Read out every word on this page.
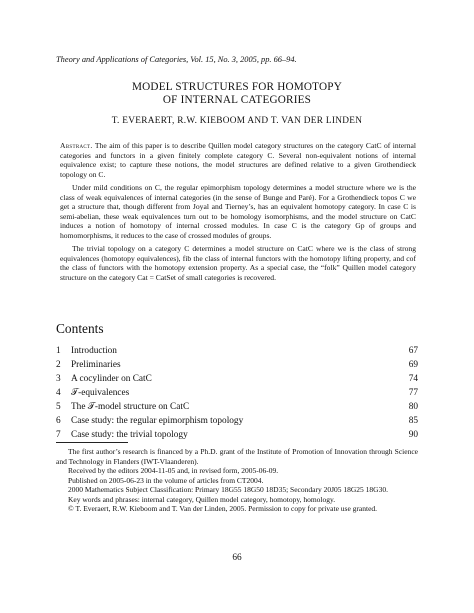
Theory and Applications of Categories, Vol. 15, No. 3, 2005, pp. 66–94.
MODEL STRUCTURES FOR HOMOTOPY
OF INTERNAL CATEGORIES
T. EVERAERT, R.W. KIEBOOM AND T. VAN DER LINDEN

Abstract. The aim of this paper is to describe Quillen model category structures on the category CatC of internal categories and functors in a given finitely complete category C. Several non-equivalent notions of internal equivalence exist; to capture these notions, the model structures are defined relative to a given Grothendieck topology on C.

Under mild conditions on C, the regular epimorphism topology determines a model structure where we is the class of weak equivalences of internal categories (in the sense of Bunge and Paré). For a Grothendieck topos C we get a structure that, though different from Joyal and Tierney’s, has an equivalent homotopy category. In case C is semi-abelian, these weak equivalences turn out to be homology isomorphisms, and the model structure on CatC induces a notion of homotopy of internal crossed modules. In case C is the category Gp of groups and homomorphisms, it reduces to the case of crossed modules of groups.

The trivial topology on a category C determines a model structure on CatC where we is the class of strong equivalences (homotopy equivalences), fib the class of internal functors with the homotopy lifting property, and cof the class of functors with the homotopy extension property. As a special case, the “folk” Quillen model category structure on the category Cat = CatSet of small categories is recovered.

Contents
1 Introduction	67
2 Preliminaries	69
3 A cocylinder on CatC	74
4 𝒯-equivalences	77
5 The 𝒯-model structure on CatC	80
6 Case study: the regular epimorphism topology	85
7 Case study: the trivial topology	90

The first author’s research is financed by a Ph.D. grant of the Institute of Promotion of Innovation through Science and Technology in Flanders (IWT-Vlaanderen).

Received by the editors 2004-11-05 and, in revised form, 2005-06-09.

Published on 2005-06-23 in the volume of articles from CT2004.

2000 Mathematics Subject Classification: Primary 18G55 18G50 18D35; Secondary 20J05 18G25 18G30.

Key words and phrases: internal category, Quillen model category, homotopy, homology.

© T. Everaert, R.W. Kieboom and T. Van der Linden, 2005. Permission to copy for private use granted.

66
